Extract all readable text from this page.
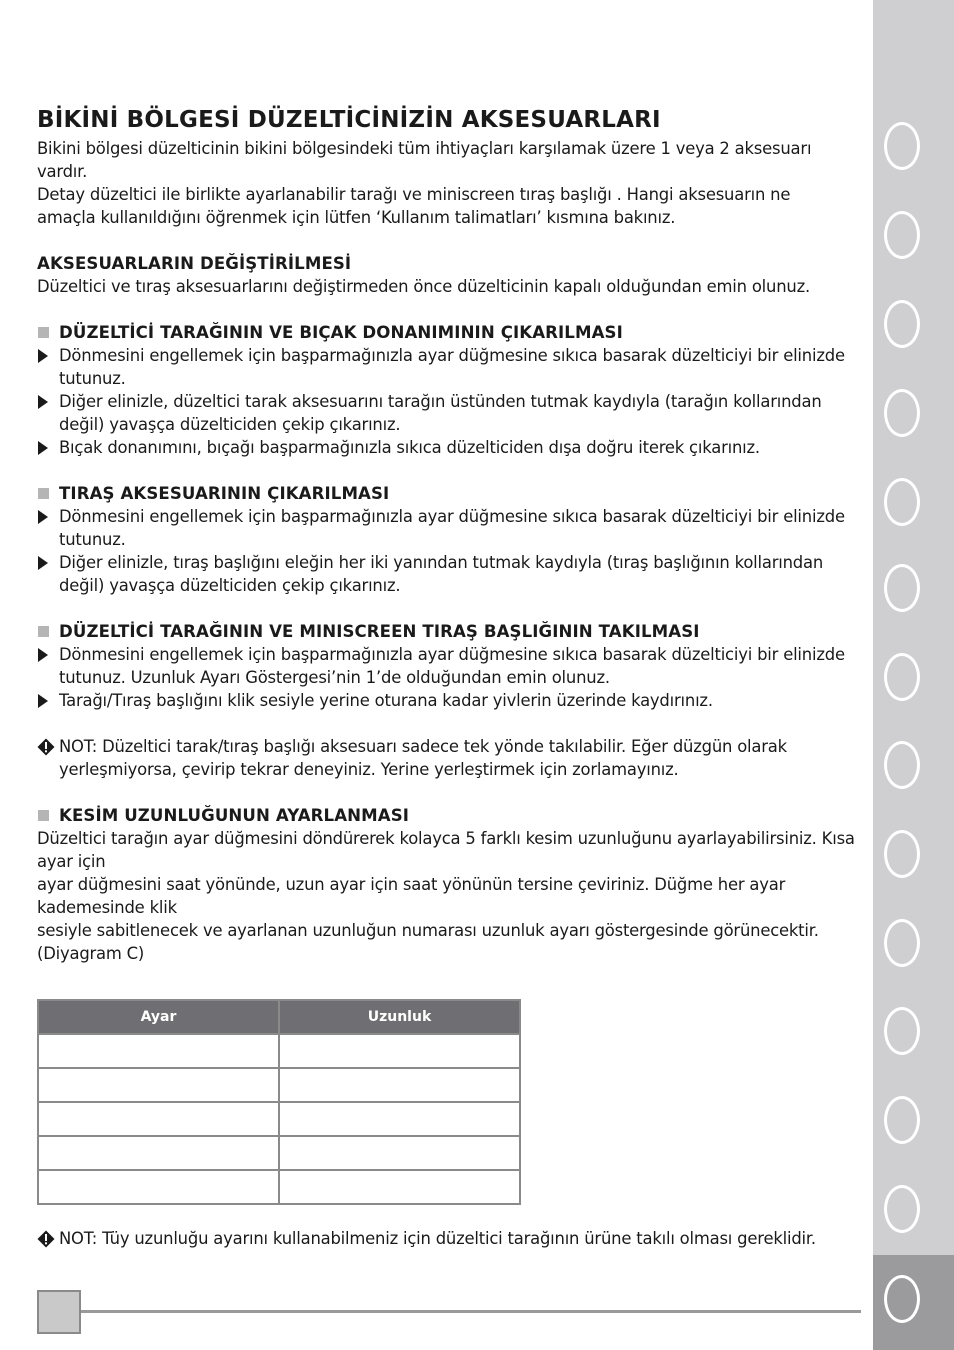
BİKİNİ BÖLGESİ DÜZELTİCİNİZİN AKSESUARLARI

Bikini bölgesi düzelticinin bikini bölgesindeki tüm ihtiyaçları karşılamak üzere 1 veya 2 aksesuarı vardır.

Detay düzeltici ile birlikte ayarlanabilir tarağı ve miniscreen tıraş başlığı . Hangi aksesuarın ne

amaçla kullanıldığını öğrenmek için lütfen ‘Kullanım talimatları’ kısmına bakınız.

AKSESUARLARIN DEĞİŞTİRİLMESİ

Düzeltici ve tıraş aksesuarlarını değiştirmeden önce düzelticinin kapalı olduğundan emin olunuz.

DÜZELTİCİ TARAĞININ VE BIÇAK DONANIMININ ÇIKARILMASI
Dönmesini engellemek için başparmağınızla ayar düğmesine sıkıca basarak düzelticiyi bir elinizde tutunuz.
Diğer elinizle, düzeltici tarak aksesuarını tarağın üstünden tutmak kaydıyla (tarağın kollarından değil) yavaşça düzelticiden çekip çıkarınız.
Bıçak donanımını, bıçağı başparmağınızla sıkıca düzelticiden dışa doğru iterek çıkarınız.
TIRAŞ AKSESUARININ ÇIKARILMASI
Dönmesini engellemek için başparmağınızla ayar düğmesine sıkıca basarak düzelticiyi bir elinizde tutunuz.
Diğer elinizle, tıraş başlığını eleğin her iki yanından tutmak kaydıyla (tıraş başlığının kollarından değil) yavaşça düzelticiden çekip çıkarınız.
DÜZELTİCİ TARAĞININ VE MINISCREEN TIRAŞ BAŞLIĞININ TAKILMASI
Dönmesini engellemek için başparmağınızla ayar düğmesine sıkıca basarak düzelticiyi bir elinizde tutunuz. Uzunluk Ayarı Göstergesi’nin 1’de olduğundan emin olunuz.
Tarağı/Tıraş başlığını klik sesiyle yerine oturana kadar yivlerin üzerinde kaydırınız.
NOT: Düzeltici tarak/tıraş başlığı aksesuarı sadece tek yönde takılabilir. Eğer düzgün olarak yerleşmiyorsa, çevirip tekrar deneyiniz. Yerine yerleştirmek için zorlamayınız.
KESİM UZUNLUĞUNUN AYARLANMASI

Düzeltici tarağın ayar düğmesini döndürerek kolayca 5 farklı kesim uzunluğunu ayarlayabilirsiniz. Kısa ayar için

ayar düğmesini saat yönünde, uzun ayar için saat yönünün tersine çeviriniz. Düğme her ayar kademesinde klik

sesiyle sabitlenecek ve ayarlanan uzunluğun numarası uzunluk ayarı göstergesinde görünecektir. (Diyagram C)

Ayar	Uzunluk

NOT: Tüy uzunluğu ayarını kullanabilmeniz için düzeltici tarağının ürüne takılı olması gereklidir.
